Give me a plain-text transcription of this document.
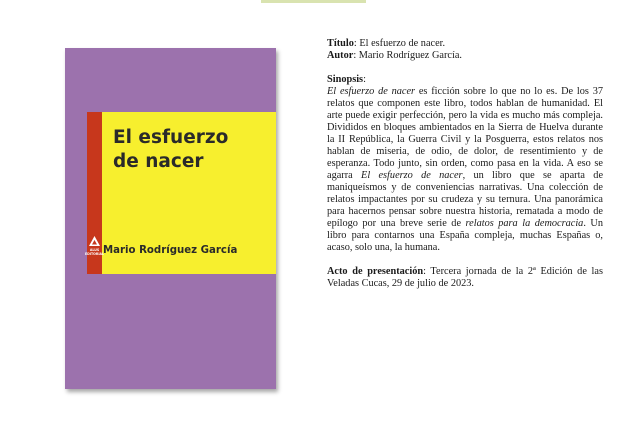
El esfuerzo
de nacer
Mario Rodríguez García
ALUS EDITORIAL

Título: El esfuerzo de nacer.

Autor: Mario Rodríguez García.

Sinopsis:

El esfuerzo de nacer es ficción sobre lo que no lo es. De los 37 relatos que componen este libro, todos hablan de humanidad. El arte puede exigir perfección, pero la vida es mucho más compleja. Divididos en bloques ambientados en la Sierra de Huelva durante la II República, la Guerra Civil y la Posguerra, estos relatos nos hablan de miseria, de odio, de dolor, de resentimiento y de esperanza. Todo junto, sin orden, como pasa en la vida. A eso se agarra El esfuerzo de nacer, un libro que se aparta de maniqueísmos y de conveniencias narrativas. Una colección de relatos impactantes por su crudeza y su ternura. Una panorámica para hacernos pensar sobre nuestra historia, rematada a modo de epílogo por una breve serie de relatos para la democracia. Un libro para contarnos una España compleja, muchas Españas o, acaso, solo una, la humana.

Acto de presentación: Tercera jornada de la 2ª Edición de las Veladas Cucas, 29 de julio de 2023.
